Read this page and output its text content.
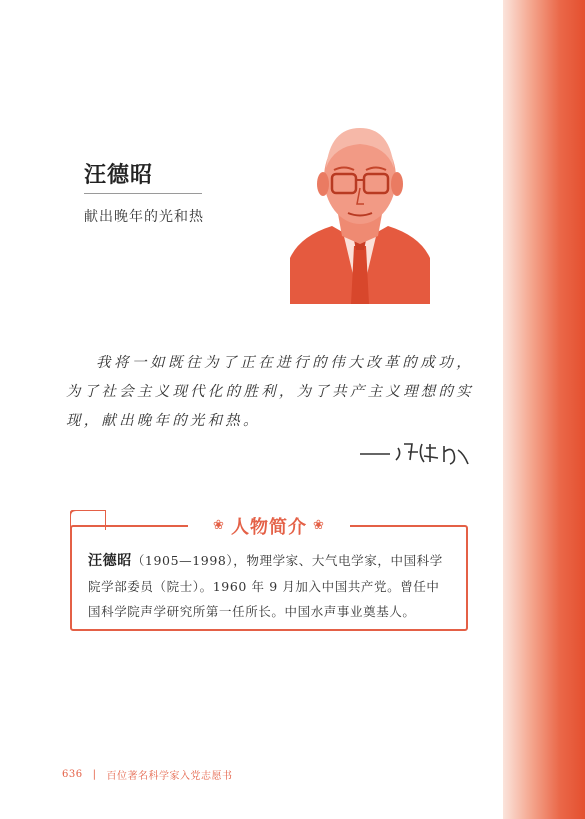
汪德昭
献出晚年的光和热
我将一如既往为了正在进行的伟大改革的成功，为了社会主义现代化的胜利，为了共产主义理想的实现，献出晚年的光和热。
❀ 人物简介 ❀
汪德昭（1905—1998），物理学家、大气电学家，中国科学院学部委员（院士）。1960 年 9 月加入中国共产党。曾任中国科学院声学研究所第一任所长。中国水声事业奠基人。
636 | 百位著名科学家入党志愿书
